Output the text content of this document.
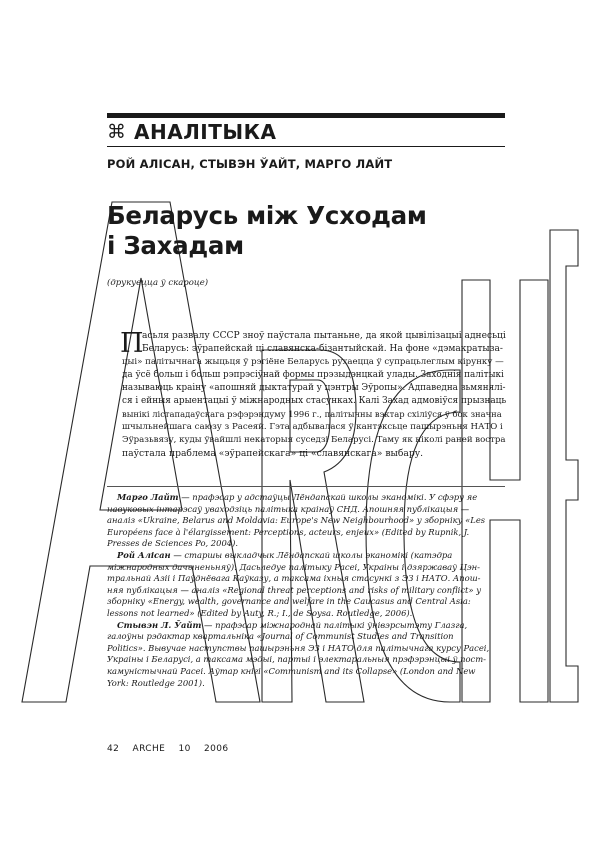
⌘ АНАЛІТЫКА
РОЙ АЛІСАН, СТЫВЭН ЎАЙТ, МАРГО ЛАЙТ
Беларусь між Усходам
і Захадам
(друкуецца ў скароце)
П
асьля развалу СССР зноў паўстала пытаньне, да якой цывілізацыі аднесьці
Беларусь: эўрапейскай ці славянска-бізантыйскай. На фоне «дэмакратыза-
цыі» палітычнага жыцьця ў рэгіёне Беларусь рухаецца ў супрацьлеглым кірунку —
да ўсё больш і больш рэпрэсіўнай формы прэзыдэнцкай улады. Заходнія палітыкі
называюць краіну «апошняй дыктатурай у цэнтры Эўропы». Адпаведна зьмянялі-
ся і ейныя арыентацыі ў міжнародных стасунках. Калі Захад адмовіўся прызнаць
вынікі лістападаўскага рэфэрэндуму 1996 г., палітычны вэктар схіліўся ў бок значна
шчыльнейшага саюзу з Расеяй. Гэта адбывалася ў кантэксьце пашырэньня НАТО і
Эўразьвязу, куды ўвайшлі некаторыя суседзі Беларусі. Таму як ніколі раней востра
паўстала праблема «эўрапейскага» ці «славянскага» выбару.
Марго Лайт — прафэсар у адстаўцы Лёндanскай школы эканомікі. У сфэру яе
навуковых інтарэсаў уваходзіць палітыка краінаў СНД. Апошняя публікацыя —
аналіз «Ukraine, Belarus and Moldavia: Europe's New Neighbourhood» у зборніку «Les
Européens face à l'élargissement: Perceptions, acteurs, enjeux» (Edited by Rupnik, J.
Presses de Sciences Po, 2004).
Рой Алісан — старшы выкладчык Лёндanскай школы эканомікі (катэдра
міжнародных дачыненьняў). Дасьледуе палітыку Расеі, Украіны і дзяржаваў Цэн-
тральнай Азіі і Паўднёвага Каўказу, а таксама іхныя стасункі з ЭЗ і НАТО. Апош-
няя публікацыя — аналіз «Regional threat perceptions and risks of military conflict» у
зборніку «Energy, wealth, governance and welfare in the Caucasus and Central Asia:
lessons not learned» (Edited by Auty, R.; I., de Soysa. Routledge, 2006).
Стывэн Л. Ўайт — прафэсар міжнароднай палітыкі ўнівэрсытэту Глазга,
галоўны рэдактар квартальніка «Journal of Communist Studies and Transition
Politics». Вывучае наступствы пашырэньня ЭЗ і НАТО для палітычнага курсу Расеі,
Украіны і Беларусі, а таксама мэдыі, партыі і электаральныя прэфэрэнцыі ў пост-
камуністычнай Расеі. Аўтар кнігі «Communism and its Collapse» (London and New
York: Routledge 2001).
42 ARCHE 10 2006
